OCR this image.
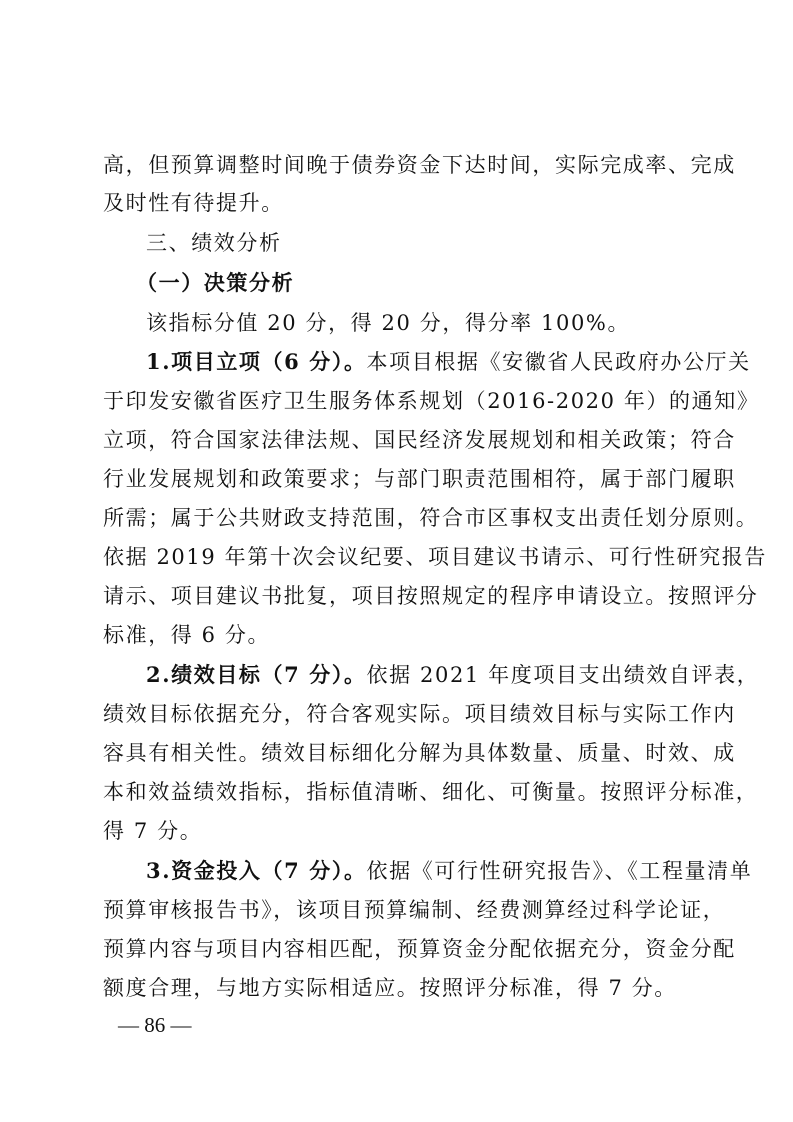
高，但预算调整时间晚于债券资金下达时间，实际完成率、完成
及时性有待提升。
三、绩效分析
（一）决策分析
该指标分值 20 分，得 20 分，得分率 100%。
1.项目立项（6 分）。本项目根据《安徽省人民政府办公厅关
于印发安徽省医疗卫生服务体系规划（2016-2020 年）的通知》
立项，符合国家法律法规、国民经济发展规划和相关政策；符合
行业发展规划和政策要求；与部门职责范围相符，属于部门履职
所需；属于公共财政支持范围，符合市区事权支出责任划分原则。
依据 2019 年第十次会议纪要、项目建议书请示、可行性研究报告
请示、项目建议书批复，项目按照规定的程序申请设立。按照评分
标准，得 6 分。
2.绩效目标（7 分）。依据 2021 年度项目支出绩效自评表，
绩效目标依据充分，符合客观实际。项目绩效目标与实际工作内
容具有相关性。绩效目标细化分解为具体数量、质量、时效、成
本和效益绩效指标，指标值清晰、细化、可衡量。按照评分标准，
得 7 分。
3.资金投入（7 分）。依据《可行性研究报告》、《工程量清单
预算审核报告书》，该项目预算编制、经费测算经过科学论证，
预算内容与项目内容相匹配，预算资金分配依据充分，资金分配
额度合理，与地方实际相适应。按照评分标准，得 7 分。
— 86 —
